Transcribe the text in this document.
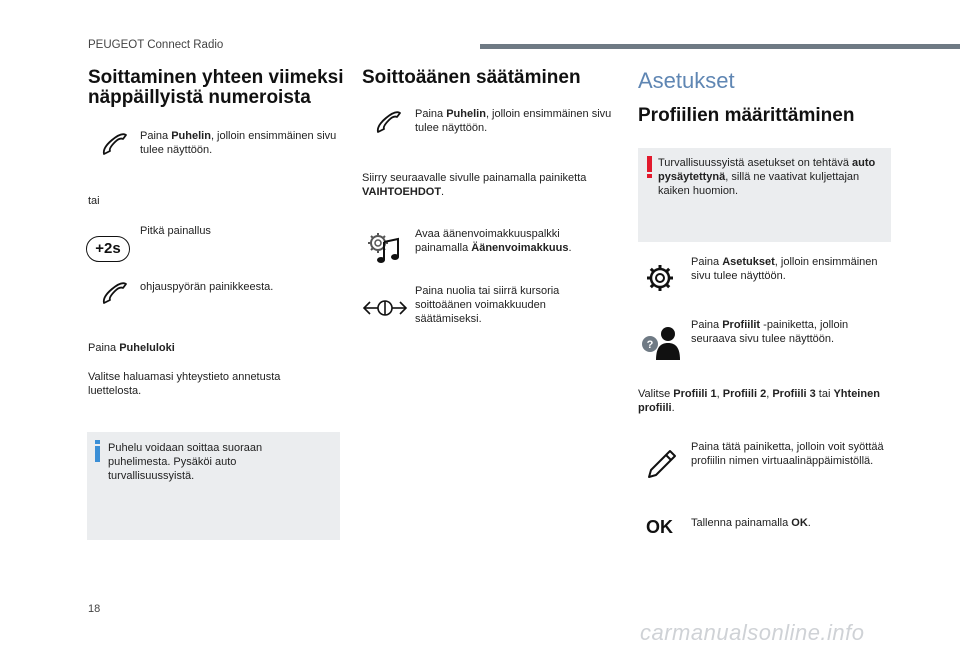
PEUGEOT Connect Radio
Soittaminen yhteen viimeksi
näppäillyistä numeroista
Paina Puhelin, jolloin ensimmäinen sivu tulee näyttöön.
tai
Pitkä painallus
+2s
ohjauspyörän painikkeesta.
Paina Puheluloki
Valitse haluamasi yhteystieto annetusta luettelosta.
Puhelu voidaan soittaa suoraan puhelimesta. Pysäköi auto turvallisuussyistä.
Soittoäänen säätäminen
Paina Puhelin, jolloin ensimmäinen sivu tulee näyttöön.
Siirry seuraavalle sivulle painamalla painiketta VAIHTOEHDOT.
Avaa äänenvoimakkuuspalkki painamalla Äänenvoimakkuus.
Paina nuolia tai siirrä kursoria soittoäänen voimakkuuden säätämiseksi.
Asetukset
Profiilien määrittäminen
Turvallisuussyistä asetukset on tehtävä auto pysäytettynä, sillä ne vaativat kuljettajan kaiken huomion.
Paina Asetukset, jolloin ensimmäinen sivu tulee näyttöön.
?
Paina Profiilit -painiketta, jolloin seuraava sivu tulee näyttöön.
Valitse Profiili 1, Profiili 2, Profiili 3 tai Yhteinen profiili.
Paina tätä painiketta, jolloin voit syöttää profiilin nimen virtuaalinäppäimistöllä.
OK Tallenna painamalla OK.
18
carmanualsonline.info
